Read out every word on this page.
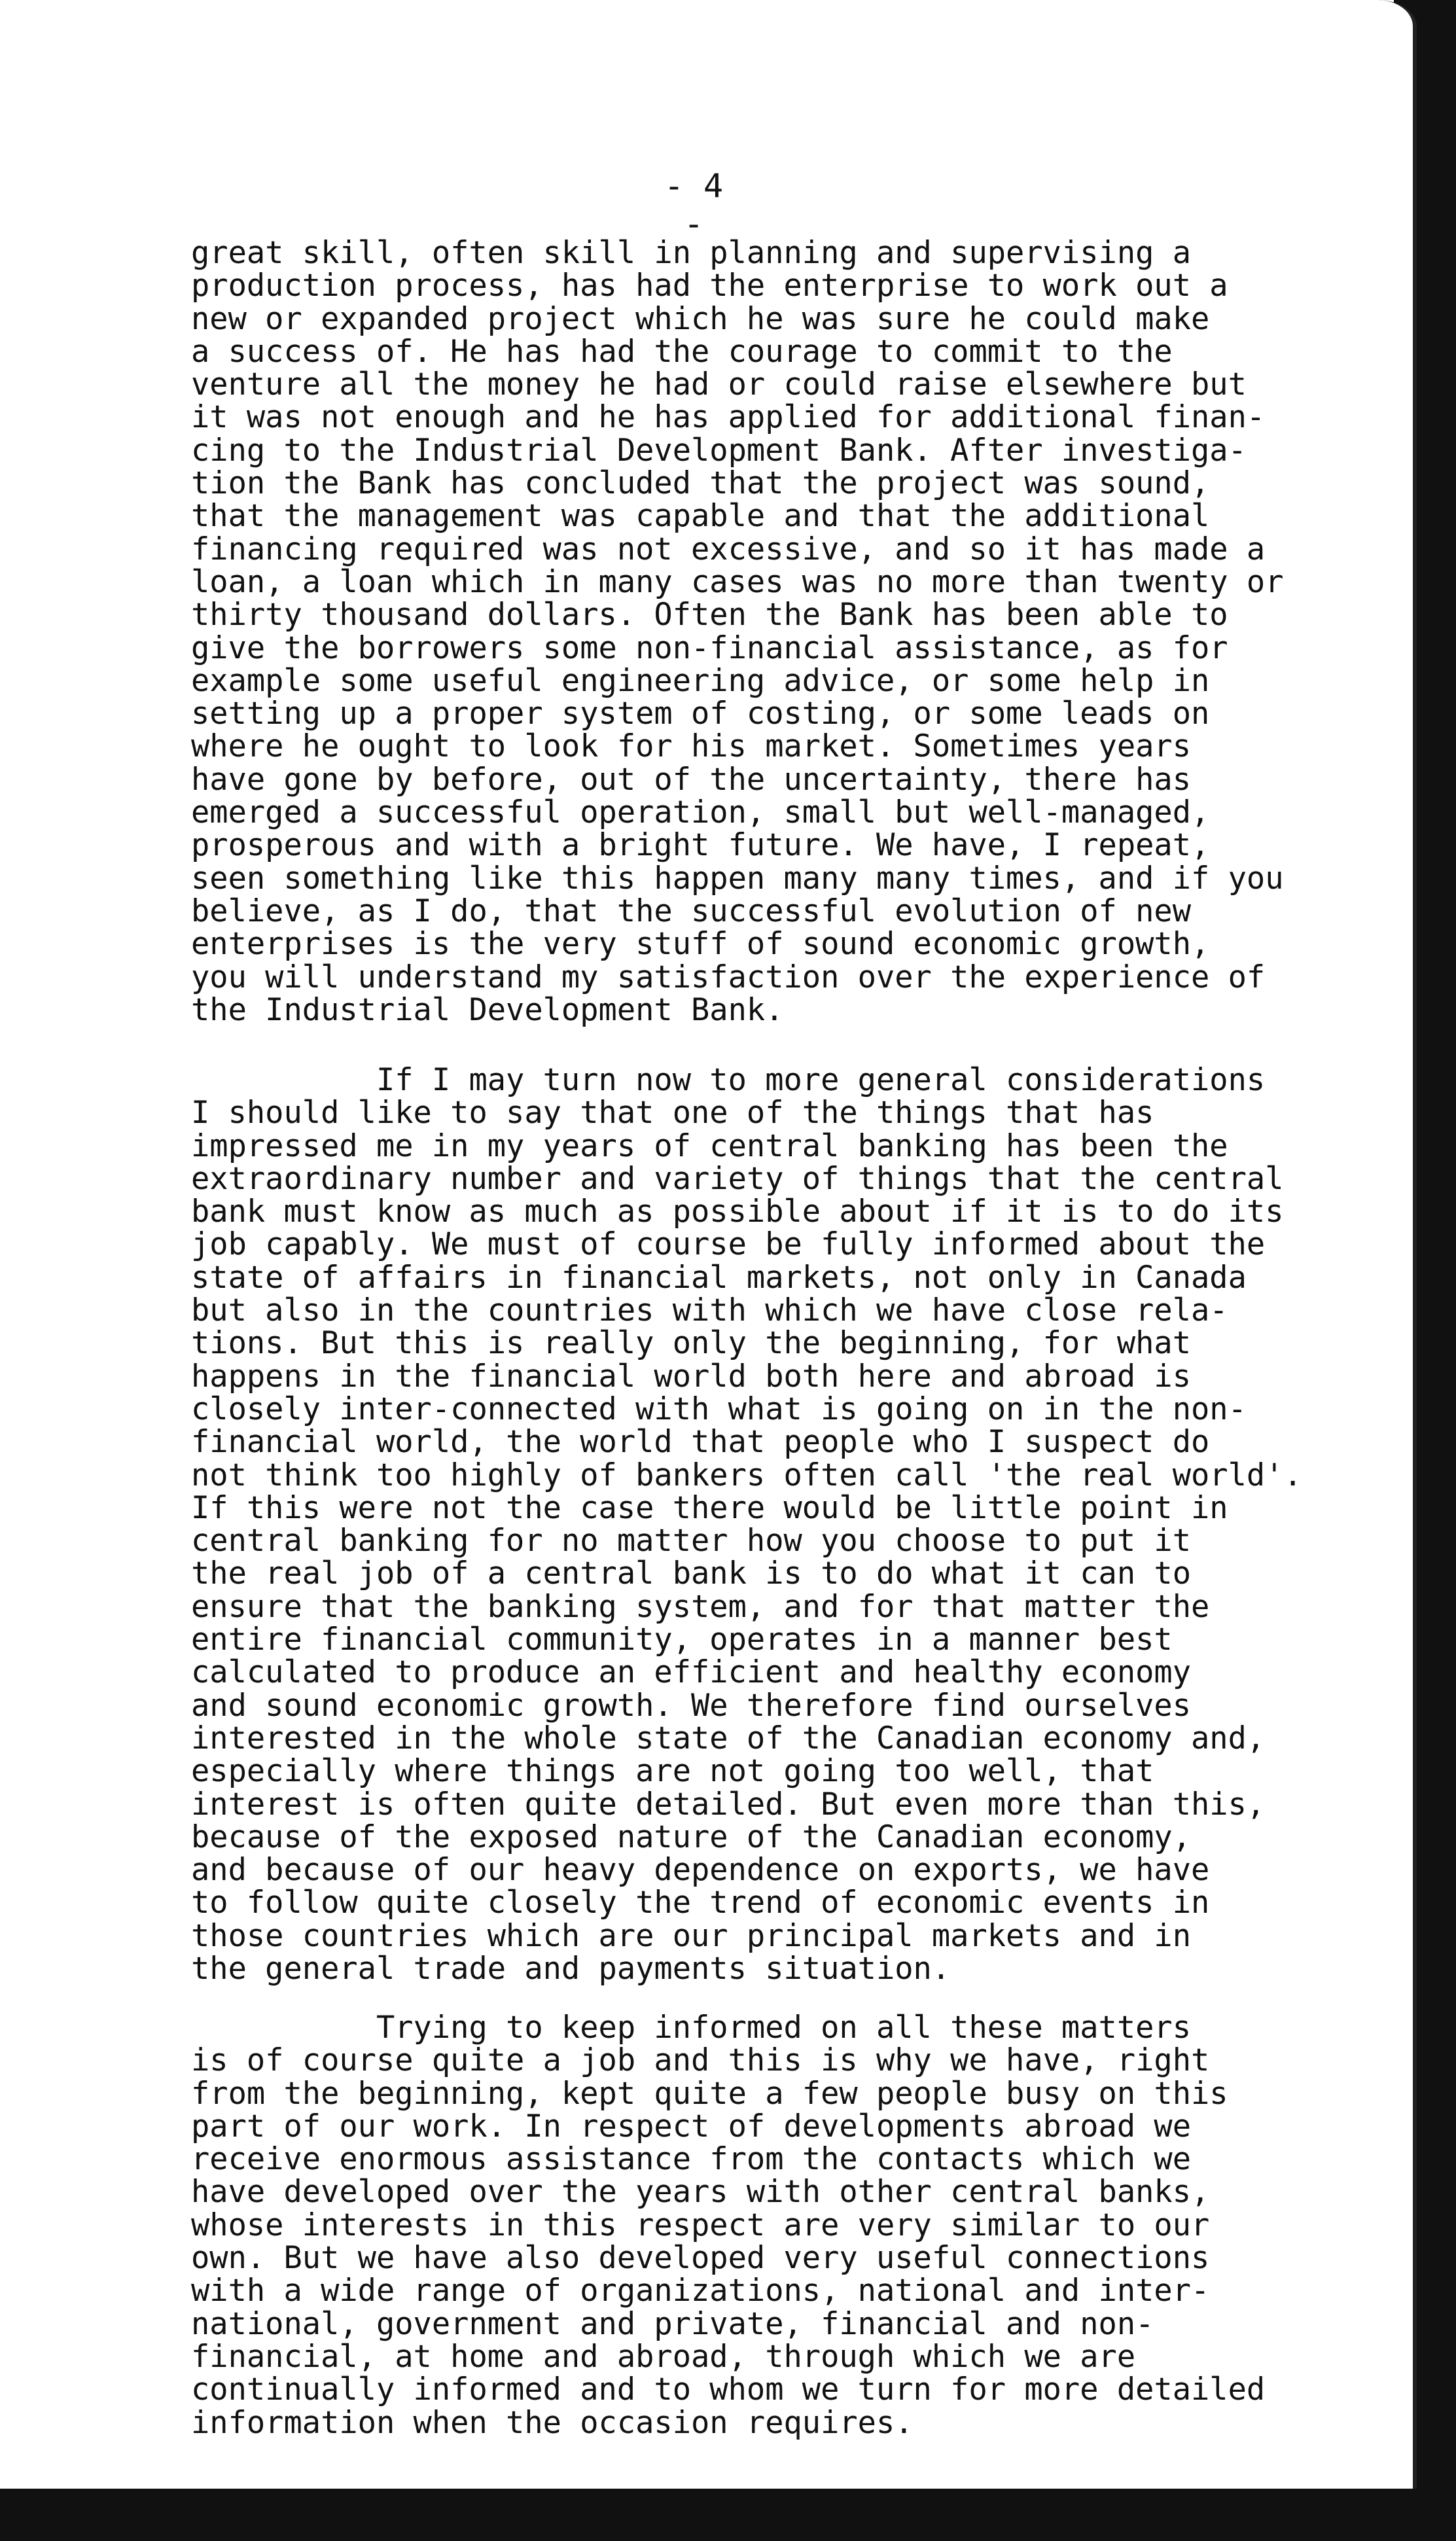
- 4 -

great skill, often skill in planning and supervising a
production process, has had the enterprise to work out a
new or expanded project which he was sure he could make
a success of. He has had the courage to commit to the
venture all the money he had or could raise elsewhere but
it was not enough and he has applied for additional finan-
cing to the Industrial Development Bank. After investiga-
tion the Bank has concluded that the project was sound,
that the management was capable and that the additional
financing required was not excessive, and so it has made a
loan, a loan which in many cases was no more than twenty or
thirty thousand dollars. Often the Bank has been able to
give the borrowers some non-financial assistance, as for
example some useful engineering advice, or some help in
setting up a proper system of costing, or some leads on
where he ought to look for his market. Sometimes years
have gone by before, out of the uncertainty, there has
emerged a successful operation, small but well-managed,
prosperous and with a bright future. We have, I repeat,
seen something like this happen many many times, and if you
believe, as I do, that the successful evolution of new
enterprises is the very stuff of sound economic growth,
you will understand my satisfaction over the experience of
the Industrial Development Bank.

If I may turn now to more general considerations
I should like to say that one of the things that has
impressed me in my years of central banking has been the
extraordinary number and variety of things that the central
bank must know as much as possible about if it is to do its
job capably. We must of course be fully informed about the
state of affairs in financial markets, not only in Canada
but also in the countries with which we have close rela-
tions. But this is really only the beginning, for what
happens in the financial world both here and abroad is
closely inter-connected with what is going on in the non-
financial world, the world that people who I suspect do
not think too highly of bankers often call 'the real world'.
If this were not the case there would be little point in
central banking for no matter how you choose to put it
the real job of a central bank is to do what it can to
ensure that the banking system, and for that matter the
entire financial community, operates in a manner best
calculated to produce an efficient and healthy economy
and sound economic growth. We therefore find ourselves
interested in the whole state of the Canadian economy and,
especially where things are not going too well, that
interest is often quite detailed. But even more than this,
because of the exposed nature of the Canadian economy,
and because of our heavy dependence on exports, we have
to follow quite closely the trend of economic events in
those countries which are our principal markets and in
the general trade and payments situation.

Trying to keep informed on all these matters
is of course quite a job and this is why we have, right
from the beginning, kept quite a few people busy on this
part of our work. In respect of developments abroad we
receive enormous assistance from the contacts which we
have developed over the years with other central banks,
whose interests in this respect are very similar to our
own. But we have also developed very useful connections
with a wide range of organizations, national and inter-
national, government and private, financial and non-
financial, at home and abroad, through which we are
continually informed and to whom we turn for more detailed
information when the occasion requires.
